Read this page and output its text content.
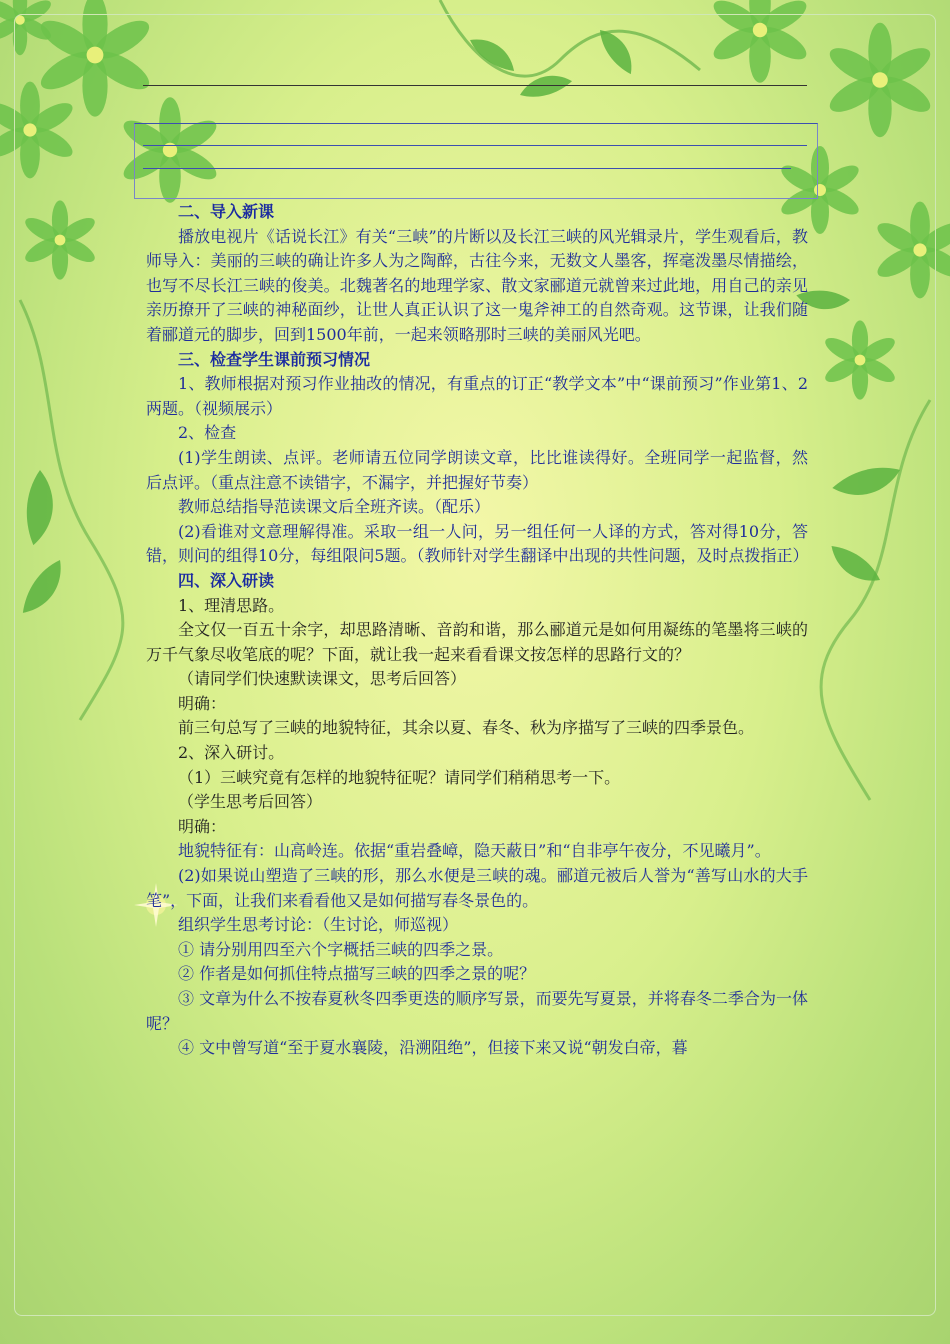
二、导入新课

播放电视片《话说长江》有关“三峡”的片断以及长江三峡的风光辑录片，学生观看后，教师导入：美丽的三峡的确让许多人为之陶醉，古往今来，无数文人墨客，挥毫泼墨尽情描绘，也写不尽长江三峡的俊美。北魏著名的地理学家、散文家郦道元就曾来过此地，用自己的亲见亲历撩开了三峡的神秘面纱，让世人真正认识了这一鬼斧神工的自然奇观。这节课，让我们随着郦道元的脚步，回到1500年前，一起来领略那时三峡的美丽风光吧。

三、检查学生课前预习情况

1、教师根据对预习作业抽改的情况，有重点的订正“教学文本”中“课前预习”作业第1、2两题。（视频展示）

2、检查

(1)学生朗读、点评。老师请五位同学朗读文章，比比谁读得好。全班同学一起监督，然后点评。（重点注意不读错字，不漏字，并把握好节奏）

教师总结指导范读课文后全班齐读。（配乐）

(2)看谁对文意理解得准。采取一组一人问，另一组任何一人译的方式，答对得10分，答错，则问的组得10分，每组限问5题。（教师针对学生翻译中出现的共性问题，及时点拨指正）

四、深入研读

1、理清思路。

全文仅一百五十余字，却思路清晰、音韵和谐，那么郦道元是如何用凝练的笔墨将三峡的万千气象尽收笔底的呢？下面，就让我一起来看看课文按怎样的思路行文的？

（请同学们快速默读课文，思考后回答）

明确：

前三句总写了三峡的地貌特征，其余以夏、春冬、秋为序描写了三峡的四季景色。

2、深入研讨。

（1）三峡究竟有怎样的地貌特征呢？请同学们稍稍思考一下。

（学生思考后回答）

明确：

地貌特征有：山高岭连。依据“重岩叠嶂，隐天蔽日”和“自非亭午夜分，不见曦月”。

(2)如果说山塑造了三峡的形，那么水便是三峡的魂。郦道元被后人誉为“善写山水的大手笔”，下面，让我们来看看他又是如何描写春冬景色的。

组织学生思考讨论：（生讨论，师巡视）

① 请分别用四至六个字概括三峡的四季之景。

② 作者是如何抓住特点描写三峡的四季之景的呢？

③ 文章为什么不按春夏秋冬四季更迭的顺序写景，而要先写夏景，并将春冬二季合为一体呢？

④ 文中曾写道“至于夏水襄陵，沿溯阻绝”，但接下来又说“朝发白帝，暮
